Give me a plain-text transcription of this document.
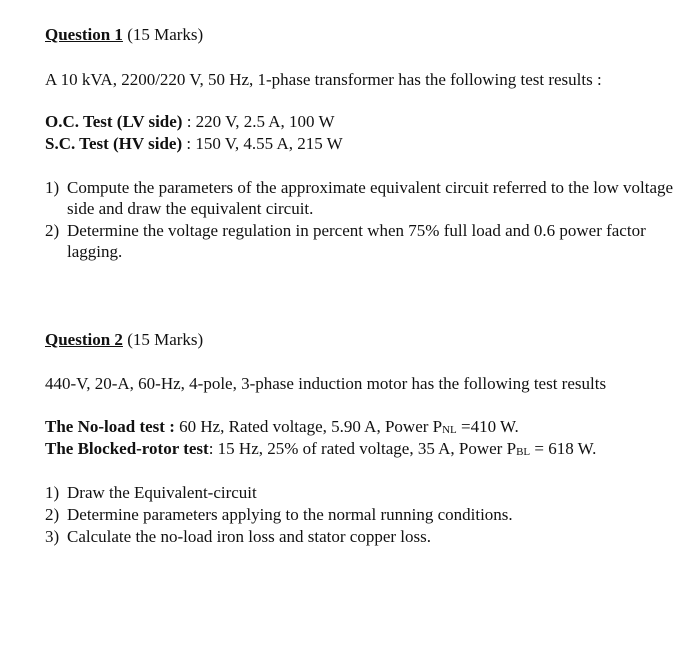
Question 1 (15 Marks)
A 10 kVA, 2200/220 V, 50 Hz, 1-phase transformer has the following test results :
O.C. Test (LV side) : 220 V, 2.5 A, 100 W
S.C. Test (HV side) : 150 V, 4.55 A, 215 W
1) Compute the parameters of the approximate equivalent circuit referred to the low voltage side and draw the equivalent circuit.
2) Determine the voltage regulation in percent when 75% full load and 0.6 power factor lagging.
Question 2 (15 Marks)
440-V, 20-A, 60-Hz, 4-pole, 3-phase induction motor has the following test results
The No-load test : 60 Hz, Rated voltage, 5.90 A, Power $P_{NL} =410$ W.
The Blocked-rotor test: 15 Hz, 25% of rated voltage, 35 A, Power $P_{BL} = 618$ W.
1) Draw the Equivalent-circuit
2) Determine parameters applying to the normal running conditions.
3) Calculate the no-load iron loss and stator copper loss.
